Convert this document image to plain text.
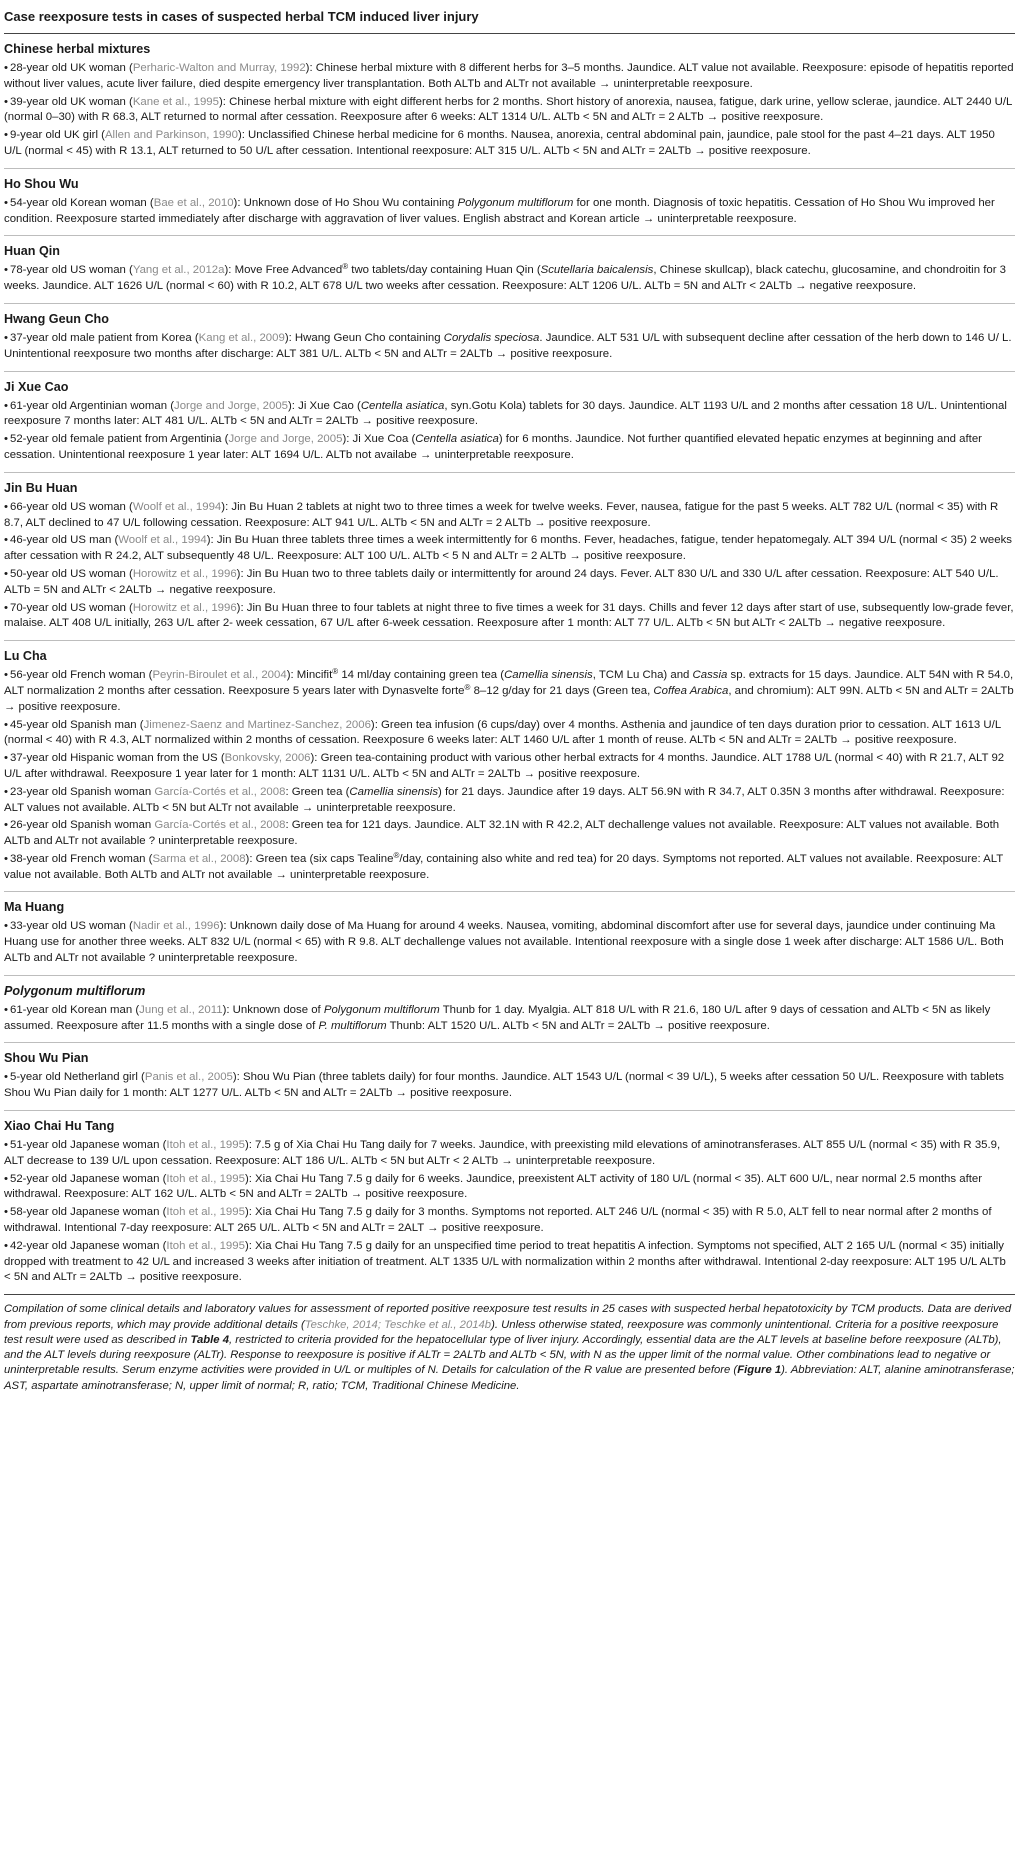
Case reexposure tests in cases of suspected herbal TCM induced liver injury
Chinese herbal mixtures
• 28-year old UK woman (Perharic-Walton and Murray, 1992): Chinese herbal mixture with 8 different herbs for 3–5 months. Jaundice. ALT value not available. Reexposure: episode of hepatitis reported without liver values, acute liver failure, died despite emergency liver transplantation. Both ALTb and ALTr not available → uninterpretable reexposure.
• 39-year old UK woman (Kane et al., 1995): Chinese herbal mixture with eight different herbs for 2 months. Short history of anorexia, nausea, fatigue, dark urine, yellow sclerae, jaundice. ALT 2440 U/L (normal 0–30) with R 68.3, ALT returned to normal after cessation. Reexposure after 6 weeks: ALT 1314 U/L. ALTb < 5N and ALTr = 2 ALTb → positive reexposure.
• 9-year old UK girl (Allen and Parkinson, 1990): Unclassified Chinese herbal medicine for 6 months. Nausea, anorexia, central abdominal pain, jaundice, pale stool for the past 4–21 days. ALT 1950 U/L (normal < 45) with R 13.1, ALT returned to 50 U/L after cessation. Intentional reexposure: ALT 315 U/L. ALTb < 5N and ALTr = 2ALTb → positive reexposure.
Ho Shou Wu
• 54-year old Korean woman (Bae et al., 2010): Unknown dose of Ho Shou Wu containing Polygonum multiflorum for one month. Diagnosis of toxic hepatitis. Cessation of Ho Shou Wu improved her condition. Reexposure started immediately after discharge with aggravation of liver values. English abstract and Korean article → uninterpretable reexposure.
Huan Qin
• 78-year old US woman (Yang et al., 2012a): Move Free Advanced® two tablets/day containing Huan Qin (Scutellaria baicalensis, Chinese skullcap), black catechu, glucosamine, and chondroitin for 3 weeks. Jaundice. ALT 1626 U/L (normal < 60) with R 10.2, ALT 678 U/L two weeks after cessation. Reexposure: ALT 1206 U/L. ALTb = 5N and ALTr < 2ALTb → negative reexposure.
Hwang Geun Cho
• 37-year old male patient from Korea (Kang et al., 2009): Hwang Geun Cho containing Corydalis speciosa. Jaundice. ALT 531 U/L with subsequent decline after cessation of the herb down to 146 U/ L. Unintentional reexposure two months after discharge: ALT 381 U/L. ALTb < 5N and ALTr = 2ALTb → positive reexposure.
Ji Xue Cao
• 61-year old Argentinian woman (Jorge and Jorge, 2005): Ji Xue Cao (Centella asiatica, syn.Gotu Kola) tablets for 30 days. Jaundice. ALT 1193 U/L and 2 months after cessation 18 U/L. Unintentional reexposure 7 months later: ALT 481 U/L. ALTb < 5N and ALTr = 2ALTb → positive reexposure.
• 52-year old female patient from Argentinia (Jorge and Jorge, 2005): Ji Xue Coa (Centella asiatica) for 6 months. Jaundice. Not further quantified elevated hepatic enzymes at beginning and after cessation. Unintentional reexposure 1 year later: ALT 1694 U/L. ALTb not availabe → uninterpretable reexposure.
Jin Bu Huan
• 66-year old US woman (Woolf et al., 1994): Jin Bu Huan 2 tablets at night two to three times a week for twelve weeks. Fever, nausea, fatigue for the past 5 weeks. ALT 782 U/L (normal < 35) with R 8.7, ALT declined to 47 U/L following cessation. Reexposure: ALT 941 U/L. ALTb < 5N and ALTr = 2 ALTb → positive reexposure.
• 46-year old US man (Woolf et al., 1994): Jin Bu Huan three tablets three times a week intermittently for 6 months. Fever, headaches, fatigue, tender hepatomegaly. ALT 394 U/L (normal < 35) 2 weeks after cessation with R 24.2, ALT subsequently 48 U/L. Reexposure: ALT 100 U/L. ALTb < 5 N and ALTr = 2 ALTb → positive reexposure.
• 50-year old US woman (Horowitz et al., 1996): Jin Bu Huan two to three tablets daily or intermittently for around 24 days. Fever. ALT 830 U/L and 330 U/L after cessation. Reexposure: ALT 540 U/L. ALTb = 5N and ALTr < 2ALTb → negative reexposure.
• 70-year old US woman (Horowitz et al., 1996): Jin Bu Huan three to four tablets at night three to five times a week for 31 days. Chills and fever 12 days after start of use, subsequently low-grade fever, malaise. ALT 408 U/L initially, 263 U/L after 2- week cessation, 67 U/L after 6-week cessation. Reexposure after 1 month: ALT 77 U/L. ALTb < 5N but ALTr < 2ALTb → negative reexposure.
Lu Cha
• 56-year old French woman (Peyrin-Biroulet et al., 2004): Mincifit® 14 ml/day containing green tea (Camellia sinensis, TCM Lu Cha) and Cassia sp. extracts for 15 days. Jaundice. ALT 54N with R 54.0, ALT normalization 2 months after cessation. Reexposure 5 years later with Dynasvelte forte® 8–12 g/day for 21 days (Green tea, Coffea Arabica, and chromium): ALT 99N. ALTb < 5N and ALTr = 2ALTb → positive reexposure.
• 45-year old Spanish man (Jimenez-Saenz and Martinez-Sanchez, 2006): Green tea infusion (6 cups/day) over 4 months. Asthenia and jaundice of ten days duration prior to cessation. ALT 1613 U/L (normal < 40) with R 4.3, ALT normalized within 2 months of cessation. Reexposure 6 weeks later: ALT 1460 U/L after 1 month of reuse. ALTb < 5N and ALTr = 2ALTb → positive reexposure.
• 37-year old Hispanic woman from the US (Bonkovsky, 2006): Green tea-containing product with various other herbal extracts for 4 months. Jaundice. ALT 1788 U/L (normal < 40) with R 21.7, ALT 92 U/L after withdrawal. Reexposure 1 year later for 1 month: ALT 1131 U/L. ALTb < 5N and ALTr = 2ALTb → positive reexposure.
• 23-year old Spanish woman García-Cortés et al., 2008: Green tea (Camellia sinensis) for 21 days. Jaundice after 19 days. ALT 56.9N with R 34.7, ALT 0.35N 3 months after withdrawal. Reexposure: ALT values not available. ALTb < 5N but ALTr not available → uninterpretable reexposure.
• 26-year old Spanish woman García-Cortés et al., 2008: Green tea for 121 days. Jaundice. ALT 32.1N with R 42.2, ALT dechallenge values not available. Reexposure: ALT values not available. Both ALTb and ALTr not available ? uninterpretable reexposure.
• 38-year old French woman (Sarma et al., 2008): Green tea (six caps Tealine®/day, containing also white and red tea) for 20 days. Symptoms not reported. ALT values not available. Reexposure: ALT value not available. Both ALTb and ALTr not available → uninterpretable reexposure.
Ma Huang
• 33-year old US woman (Nadir et al., 1996): Unknown daily dose of Ma Huang for around 4 weeks. Nausea, vomiting, abdominal discomfort after use for several days, jaundice under continuing Ma Huang use for another three weeks. ALT 832 U/L (normal < 65) with R 9.8. ALT dechallenge values not available. Intentional reexposure with a single dose 1 week after discharge: ALT 1586 U/L. Both ALTb and ALTr not available ? uninterpretable reexposure.
Polygonum multiflorum
• 61-year old Korean man (Jung et al., 2011): Unknown dose of Polygonum multiflorum Thunb for 1 day. Myalgia. ALT 818 U/L with R 21.6, 180 U/L after 9 days of cessation and ALTb < 5N as likely assumed. Reexposure after 11.5 months with a single dose of P. multiflorum Thunb: ALT 1520 U/L. ALTb < 5N and ALTr = 2ALTb → positive reexposure.
Shou Wu Pian
• 5-year old Netherland girl (Panis et al., 2005): Shou Wu Pian (three tablets daily) for four months. Jaundice. ALT 1543 U/L (normal < 39 U/L), 5 weeks after cessation 50 U/L. Reexposure with tablets Shou Wu Pian daily for 1 month: ALT 1277 U/L. ALTb < 5N and ALTr = 2ALTb → positive reexposure.
Xiao Chai Hu Tang
• 51-year old Japanese woman (Itoh et al., 1995): 7.5 g of Xia Chai Hu Tang daily for 7 weeks. Jaundice, with preexisting mild elevations of aminotransferases. ALT 855 U/L (normal < 35) with R 35.9, ALT decrease to 139 U/L upon cessation. Reexposure: ALT 186 U/L. ALTb < 5N but ALTr < 2 ALTb → uninterpretable reexposure.
• 52-year old Japanese woman (Itoh et al., 1995): Xia Chai Hu Tang 7.5 g daily for 6 weeks. Jaundice, preexistent ALT activity of 180 U/L (normal < 35). ALT 600 U/L, near normal 2.5 months after withdrawal. Reexposure: ALT 162 U/L. ALTb < 5N and ALTr = 2ALTb → positive reexposure.
• 58-year old Japanese woman (Itoh et al., 1995): Xia Chai Hu Tang 7.5 g daily for 3 months. Symptoms not reported. ALT 246 U/L (normal < 35) with R 5.0, ALT fell to near normal after 2 months of withdrawal. Intentional 7-day reexposure: ALT 265 U/L. ALTb < 5N and ALTr = 2ALT → positive reexposure.
• 42-year old Japanese woman (Itoh et al., 1995): Xia Chai Hu Tang 7.5 g daily for an unspecified time period to treat hepatitis A infection. Symptoms not specified, ALT 2 165 U/L (normal < 35) initially dropped with treatment to 42 U/L and increased 3 weeks after initiation of treatment. ALT 1335 U/L with normalization within 2 months after withdrawal. Intentional 2-day reexposure: ALT 195 U/L ALTb < 5N and ALTr = 2ALTb → positive reexposure.
Compilation of some clinical details and laboratory values for assessment of reported positive reexposure test results in 25 cases with suspected herbal hepatotoxicity by TCM products. Data are derived from previous reports, which may provide additional details (Teschke, 2014; Teschke et al., 2014b). Unless otherwise stated, reexposure was commonly unintentional. Criteria for a positive reexposure test result were used as described in Table 4, restricted to criteria provided for the hepatocellular type of liver injury. Accordingly, essential data are the ALT levels at baseline before reexposure (ALTb), and the ALT levels during reexposure (ALTr). Response to reexposure is positive if ALTr = 2ALTb and ALTb < 5N, with N as the upper limit of the normal value. Other combinations lead to negative or uninterpretable results. Serum enzyme activities were provided in U/L or multiples of N. Details for calculation of the R value are presented before (Figure 1). Abbreviation: ALT, alanine aminotransferase; AST, aspartate aminotransferase; N, upper limit of normal; R, ratio; TCM, Traditional Chinese Medicine.
